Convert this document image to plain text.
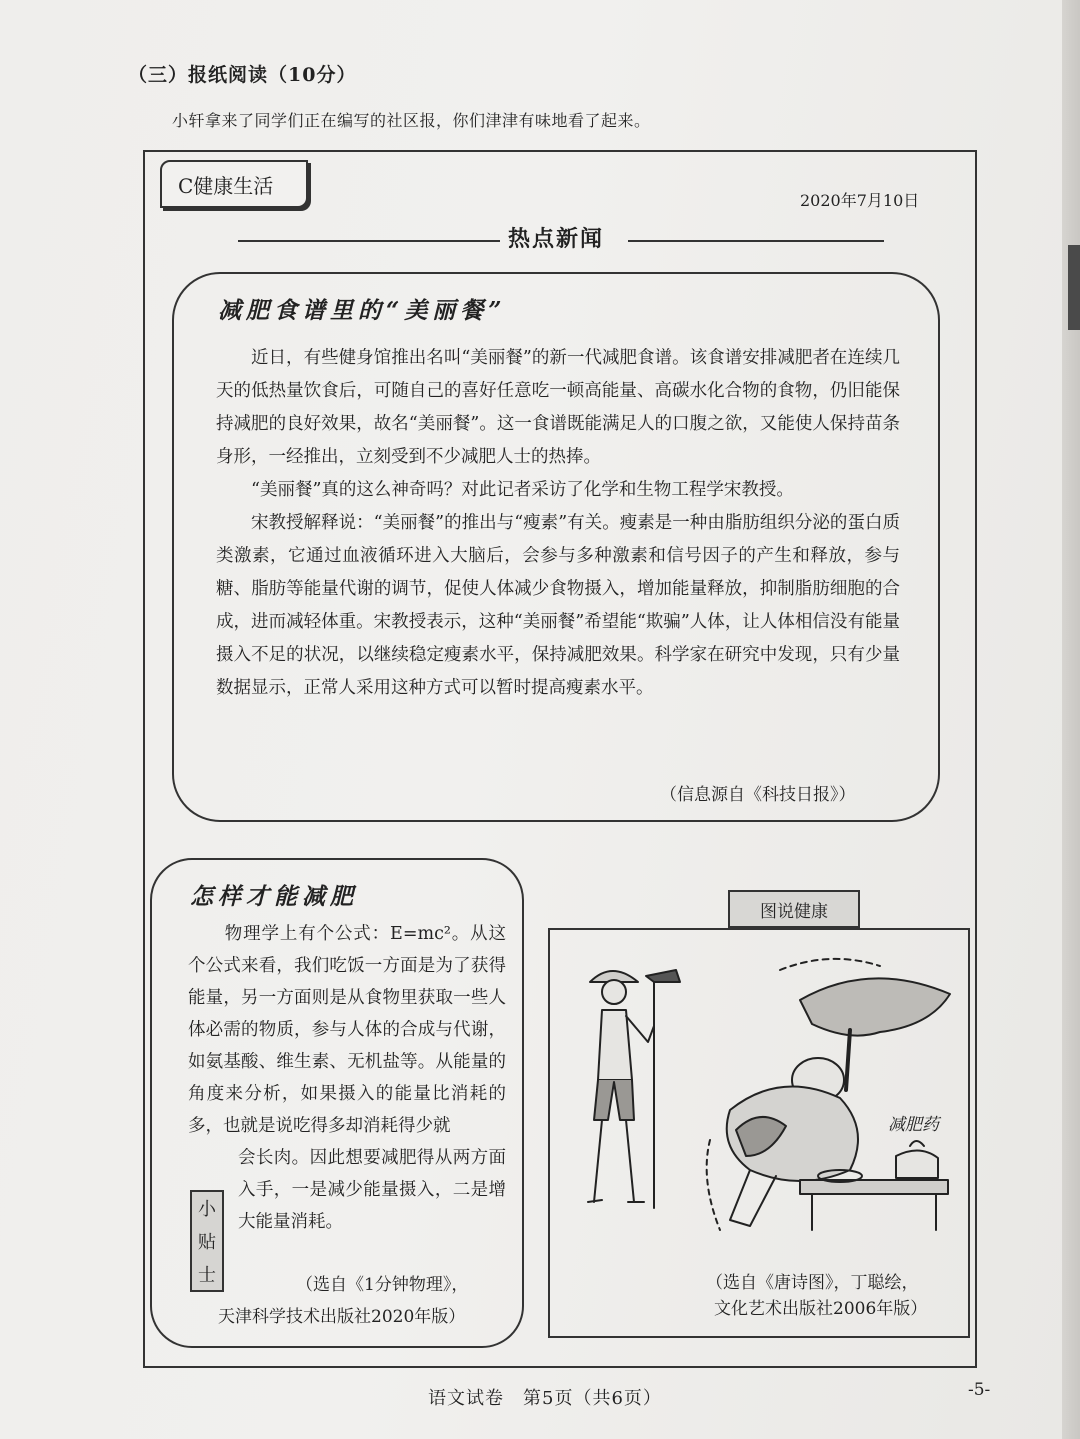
（三）报纸阅读（10分）
小轩拿来了同学们正在编写的社区报，你们津津有味地看了起来。
C健康生活
2020年7月10日
热点新闻
减肥食谱里的“美丽餐”

近日，有些健身馆推出名叫“美丽餐”的新一代减肥食谱。该食谱安排减肥者在连续几天的低热量饮食后，可随自己的喜好任意吃一顿高能量、高碳水化合物的食物，仍旧能保持减肥的良好效果，故名“美丽餐”。这一食谱既能满足人的口腹之欲，又能使人保持苗条身形，一经推出，立刻受到不少减肥人士的热捧。

“美丽餐”真的这么神奇吗？对此记者采访了化学和生物工程学宋教授。

宋教授解释说：“美丽餐”的推出与“瘦素”有关。瘦素是一种由脂肪组织分泌的蛋白质类激素，它通过血液循环进入大脑后，会参与多种激素和信号因子的产生和释放，参与糖、脂肪等能量代谢的调节，促使人体减少食物摄入，增加能量释放，抑制脂肪细胞的合成，进而减轻体重。宋教授表示，这种“美丽餐”希望能“欺骗”人体，让人体相信没有能量摄入不足的状况，以继续稳定瘦素水平，保持减肥效果。科学家在研究中发现，只有少量数据显示，正常人采用这种方式可以暂时提高瘦素水平。

（信息源自《科技日报》）
怎样才能减肥

　　物理学上有个公式：E=mc²。从这个公式来看，我们吃饭一方面是为了获得能量，另一方面则是从食物里获取一些人体必需的物质，参与人体的合成与代谢，如氨基酸、维生素、无机盐等。从能量的角度来分析，如果摄入的能量比消耗的多，也就是说吃得多却消耗得少就

会长肉。因此想要减肥得从两方面入手，一是减少能量摄入，二是增大能量消耗。

小
贴
士	（选自《1分钟物理》，
天津科学技术出版社2020年版）
图说健康
减肥药
（选自《唐诗图》，丁聪绘，
文化艺术出版社2006年版）
语文试卷　第5页（共6页）	-5-
